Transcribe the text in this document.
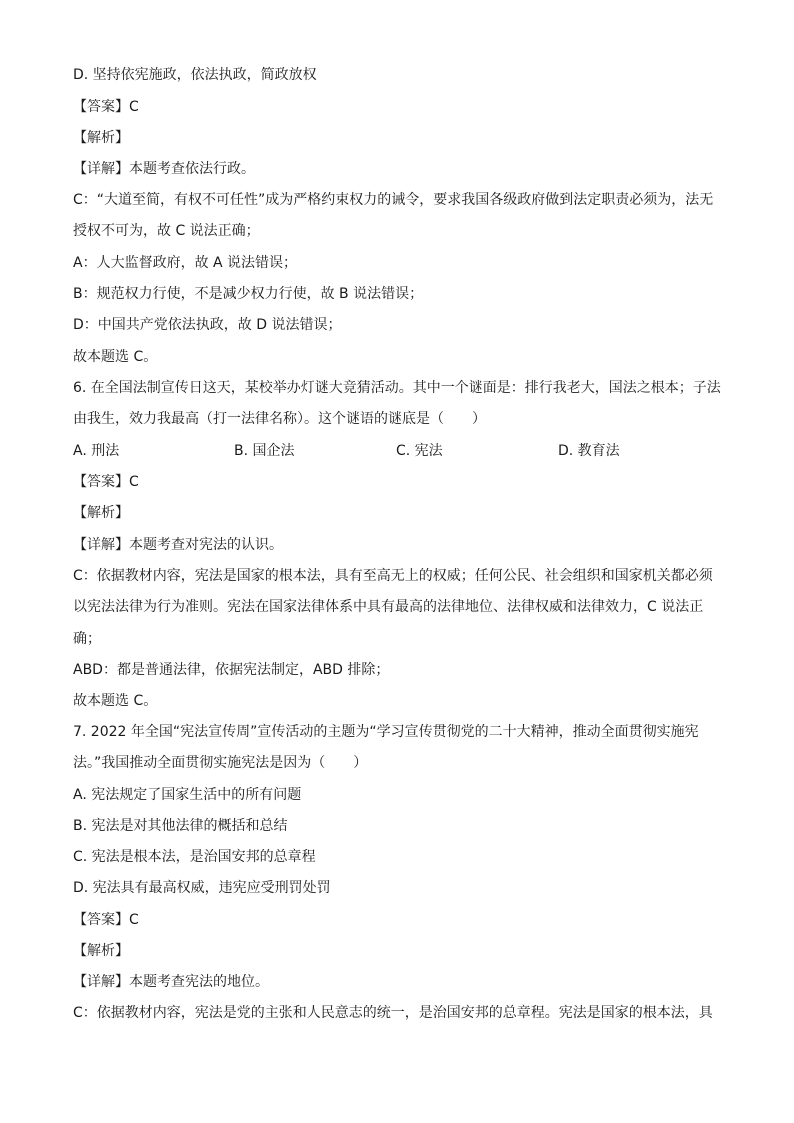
D. 坚持依宪施政，依法执政，简政放权
【答案】C
【解析】
【详解】本题考查依法行政。
C：“大道至简，有权不可任性”成为严格约束权力的诫令，要求我国各级政府做到法定职责必须为，法无
授权不可为，故 C 说法正确；
A：人大监督政府，故 A 说法错误；
B：规范权力行使，不是减少权力行使，故 B 说法错误；
D：中国共产党依法执政，故 D 说法错误；
故本题选 C。
6. 在全国法制宣传日这天，某校举办灯谜大竞猜活动。其中一个谜面是：排行我老大，国法之根本；子法
由我生，效力我最高（打一法律名称）。这个谜语的谜底是（　　）
A. 刑法	B. 国企法	C. 宪法	D. 教育法
【答案】C
【解析】
【详解】本题考查对宪法的认识。
C：依据教材内容，宪法是国家的根本法，具有至高无上的权威；任何公民、社会组织和国家机关都必须
以宪法法律为行为准则。宪法在国家法律体系中具有最高的法律地位、法律权威和法律效力，C 说法正
确；
ABD：都是普通法律，依据宪法制定，ABD 排除；
故本题选 C。
7. 2022 年全国“宪法宣传周”宣传活动的主题为“学习宣传贯彻党的二十大精神，推动全面贯彻实施宪
法。”我国推动全面贯彻实施宪法是因为（　　）
A. 宪法规定了国家生活中的所有问题
B. 宪法是对其他法律的概括和总结
C. 宪法是根本法，是治国安邦的总章程
D. 宪法具有最高权威，违宪应受刑罚处罚
【答案】C
【解析】
【详解】本题考查宪法的地位。
C：依据教材内容，宪法是党的主张和人民意志的统一，是治国安邦的总章程。宪法是国家的根本法，具
